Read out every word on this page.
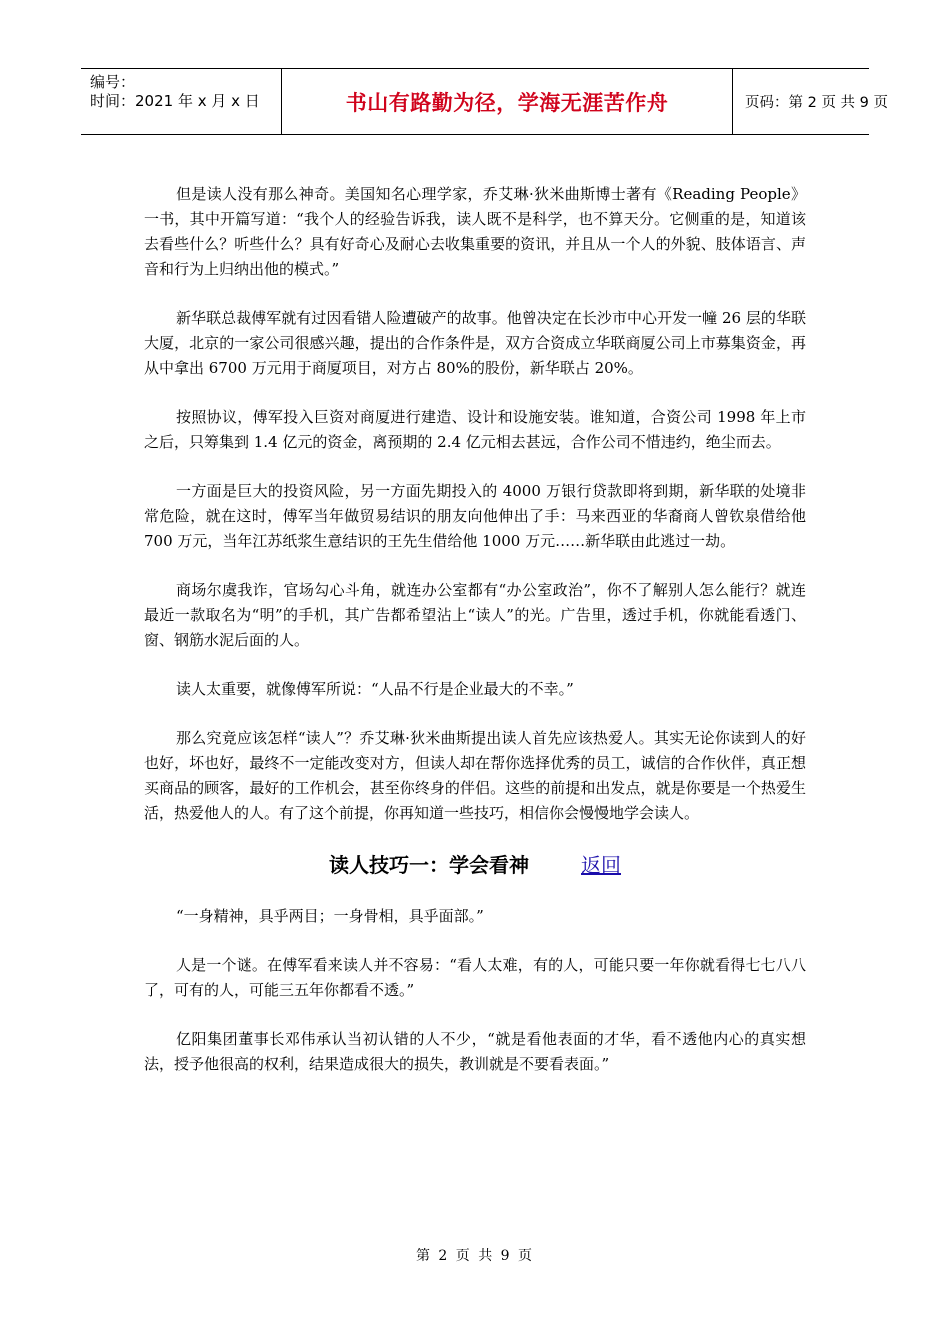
编号：
时间：2021 年 x 月 x 日	书山有路勤为径，学海无涯苦作舟	页码：第 2 页 共 9 页

但是读人没有那么神奇。美国知名心理学家，乔艾琳·狄米曲斯博士著有《Reading People》一书，其中开篇写道：“我个人的经验告诉我，读人既不是科学，也不算天分。它侧重的是，知道该去看些什么？听些什么？具有好奇心及耐心去收集重要的资讯，并且从一个人的外貌、肢体语言、声音和行为上归纳出他的模式。”

新华联总裁傅军就有过因看错人险遭破产的故事。他曾决定在长沙市中心开发一幢 26 层的华联大厦，北京的一家公司很感兴趣，提出的合作条件是，双方合资成立华联商厦公司上市募集资金，再从中拿出 6700 万元用于商厦项目，对方占 80%的股份，新华联占 20%。

按照协议，傅军投入巨资对商厦进行建造、设计和设施安装。谁知道，合资公司 1998 年上市之后，只筹集到 1.4 亿元的资金，离预期的 2.4 亿元相去甚远，合作公司不惜违约，绝尘而去。

一方面是巨大的投资风险，另一方面先期投入的 4000 万银行贷款即将到期，新华联的处境非常危险，就在这时，傅军当年做贸易结识的朋友向他伸出了手：马来西亚的华裔商人曾钦泉借给他 700 万元，当年江苏纸浆生意结识的王先生借给他 1000 万元……新华联由此逃过一劫。

商场尔虞我诈，官场勾心斗角，就连办公室都有“办公室政治”，你不了解别人怎么能行？就连最近一款取名为“明”的手机，其广告都希望沾上“读人”的光。广告里，透过手机，你就能看透门、窗、钢筋水泥后面的人。

读人太重要，就像傅军所说：“人品不行是企业最大的不幸。”

那么究竟应该怎样“读人”？乔艾琳·狄米曲斯提出读人首先应该热爱人。其实无论你读到人的好也好，坏也好，最终不一定能改变对方，但读人却在帮你选择优秀的员工，诚信的合作伙伴，真正想买商品的顾客，最好的工作机会，甚至你终身的伴侣。这些的前提和出发点，就是你要是一个热爱生活，热爱他人的人。有了这个前提，你再知道一些技巧，相信你会慢慢地学会读人。

读人技巧一：学会看神	返回

“一身精神，具乎两目；一身骨相，具乎面部。”

人是一个谜。在傅军看来读人并不容易：“看人太难，有的人，可能只要一年你就看得七七八八了，可有的人，可能三五年你都看不透。”

亿阳集团董事长邓伟承认当初认错的人不少，“就是看他表面的才华，看不透他内心的真实想法，授予他很高的权利，结果造成很大的损失，教训就是不要看表面。”

第 2 页 共 9 页
